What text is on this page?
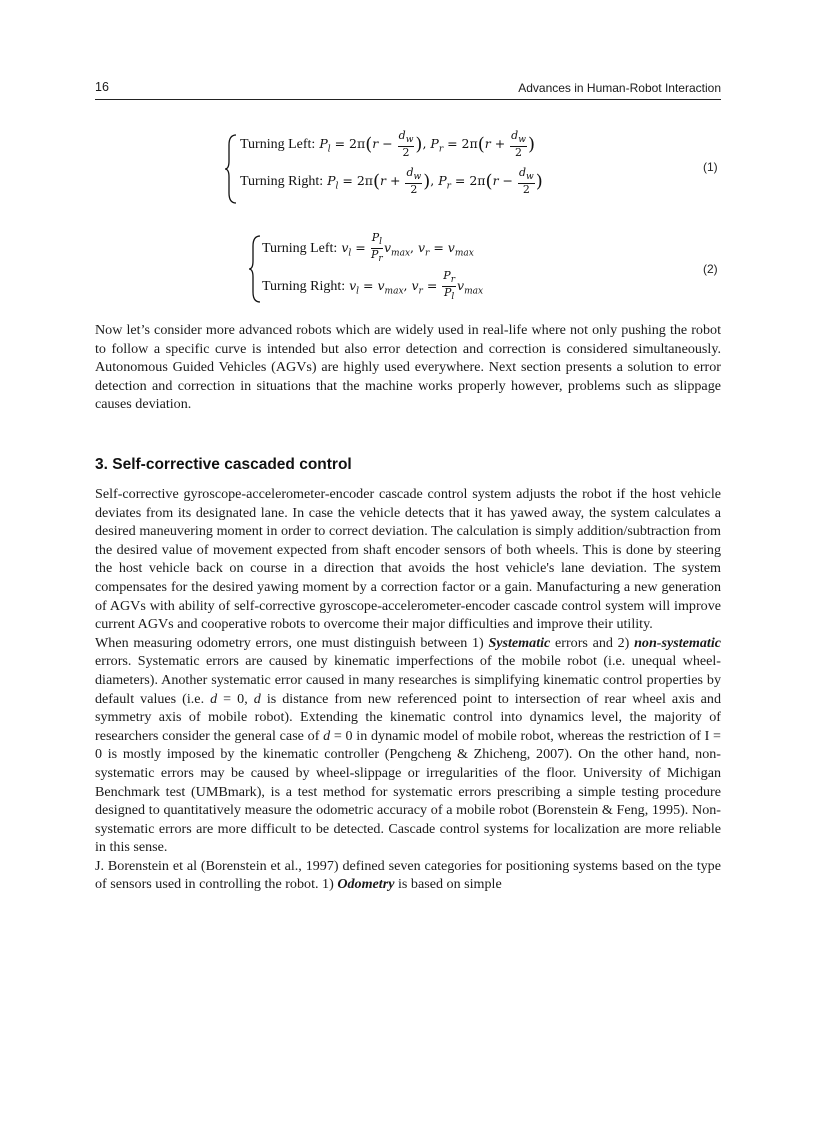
16	Advances in Human-Robot Interaction
Turning Left: $P_l = 2\pi(r - \frac{d_w}{2}$ ), $P_r = 2\pi(r + \frac{d_w}{2}$ )
Turning Right: $P_l = 2\pi(r + \frac{d_w}{2}$ ), $P_r = 2\pi(r - \frac{d_w}{2}$ )
(1)
Turning Left: $v_l = \frac{P_l}{P_r} v_{max}$, $v_r = v_{max}$
Turning Right: $v_l = v_{max}$, $v_r = \frac{P_r}{P_l} v_{max}$
(2)

Now let’s consider more advanced robots which are widely used in real-life where not only pushing the robot to follow a specific curve is intended but also error detection and correction is considered simultaneously. Autonomous Guided Vehicles (AGVs) are highly used everywhere. Next section presents a solution to error detection and correction in situations that the machine works properly however, problems such as slippage causes deviation.

3. Self-corrective cascaded control

Self-corrective gyroscope-accelerometer-encoder cascade control system adjusts the robot if the host vehicle deviates from its designated lane. In case the vehicle detects that it has yawed away, the system calculates a desired maneuvering moment in order to correct deviation. The calculation is simply addition/subtraction from the desired value of movement expected from shaft encoder sensors of both wheels. This is done by steering the host vehicle back on course in a direction that avoids the host vehicle's lane deviation. The system compensates for the desired yawing moment by a correction factor or a gain. Manufacturing a new generation of AGVs with ability of self-corrective gyroscope-accelerometer-encoder cascade control system will improve current AGVs and cooperative robots to overcome their major difficulties and improve their utility.

When measuring odometry errors, one must distinguish between 1) Systematic errors and 2) non-systematic errors. Systematic errors are caused by kinematic imperfections of the mobile robot (i.e. unequal wheel-diameters). Another systematic error caused in many researches is simplifying kinematic control properties by default values (i.e. d = 0, d is distance from new referenced point to intersection of rear wheel axis and symmetry axis of mobile robot). Extending the kinematic control into dynamics level, the majority of researchers consider the general case of d = 0 in dynamic model of mobile robot, whereas the restriction of I = 0 is mostly imposed by the kinematic controller (Pengcheng & Zhicheng, 2007). On the other hand, non-systematic errors may be caused by wheel-slippage or irregularities of the floor. University of Michigan Benchmark test (UMBmark), is a test method for systematic errors prescribing a simple testing procedure designed to quantitatively measure the odometric accuracy of a mobile robot (Borenstein & Feng, 1995). Non-systematic errors are more difficult to be detected. Cascade control systems for localization are more reliable in this sense.

J. Borenstein et al (Borenstein et al., 1997) defined seven categories for positioning systems based on the type of sensors used in controlling the robot. 1) Odometry is based on simple
